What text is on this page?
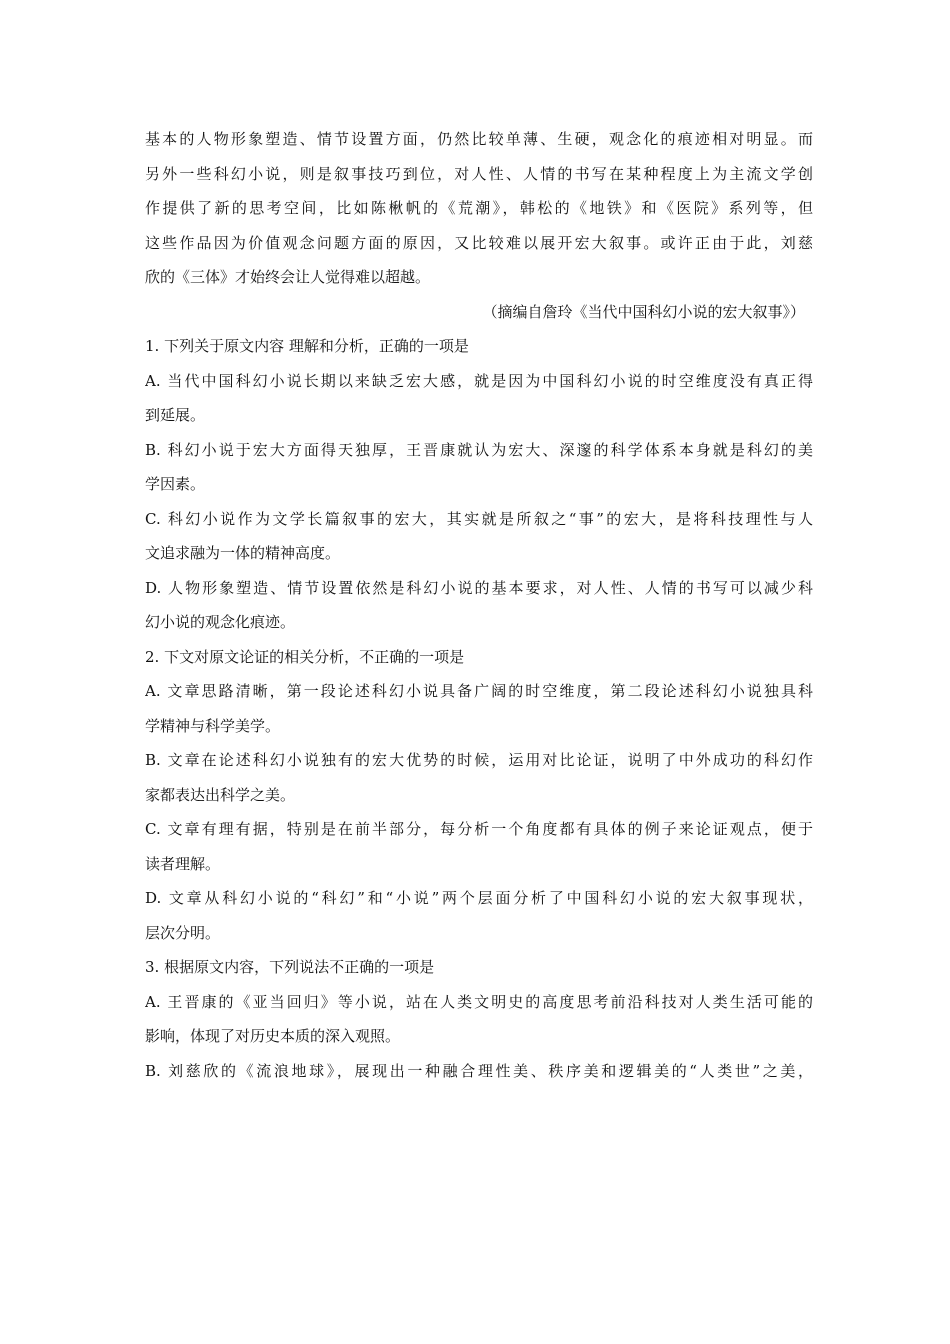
基本的人物形象塑造、情节设置方面，仍然比较单薄、生硬，观念化的痕迹相对明显。而
另外一些科幻小说，则是叙事技巧到位，对人性、人情的书写在某种程度上为主流文学创
作提供了新的思考空间，比如陈楸帆的《荒潮》，韩松的《地铁》和《医院》系列等，但
这些作品因为价值观念问题方面的原因，又比较难以展开宏大叙事。或许正由于此，刘慈
欣的《三体》才始终会让人觉得难以超越。
（摘编自詹玲《当代中国科幻小说的宏大叙事》）
1. 下列关于原文内容 理解和分析，正确的一项是
A. 当代中国科幻小说长期以来缺乏宏大感，就是因为中国科幻小说的时空维度没有真正得
到延展。
B. 科幻小说于宏大方面得天独厚，王晋康就认为宏大、深邃的科学体系本身就是科幻的美
学因素。
C. 科幻小说作为文学长篇叙事的宏大，其实就是所叙之“事”的宏大，是将科技理性与人
文追求融为一体的精神高度。
D. 人物形象塑造、情节设置依然是科幻小说的基本要求，对人性、人情的书写可以减少科
幻小说的观念化痕迹。
2. 下文对原文论证的相关分析，不正确的一项是
A. 文章思路清晰，第一段论述科幻小说具备广阔的时空维度，第二段论述科幻小说独具科
学精神与科学美学。
B. 文章在论述科幻小说独有的宏大优势的时候，运用对比论证，说明了中外成功的科幻作
家都表达出科学之美。
C. 文章有理有据，特别是在前半部分，每分析一个角度都有具体的例子来论证观点，便于
读者理解。
D. 文章从科幻小说的“科幻”和“小说”两个层面分析了中国科幻小说的宏大叙事现状，
层次分明。
3. 根据原文内容，下列说法不正确的一项是
A. 王晋康的《亚当回归》等小说，站在人类文明史的高度思考前沿科技对人类生活可能的
影响，体现了对历史本质的深入观照。
B. 刘慈欣的《流浪地球》，展现出一种融合理性美、秩序美和逻辑美的“人类世”之美，
